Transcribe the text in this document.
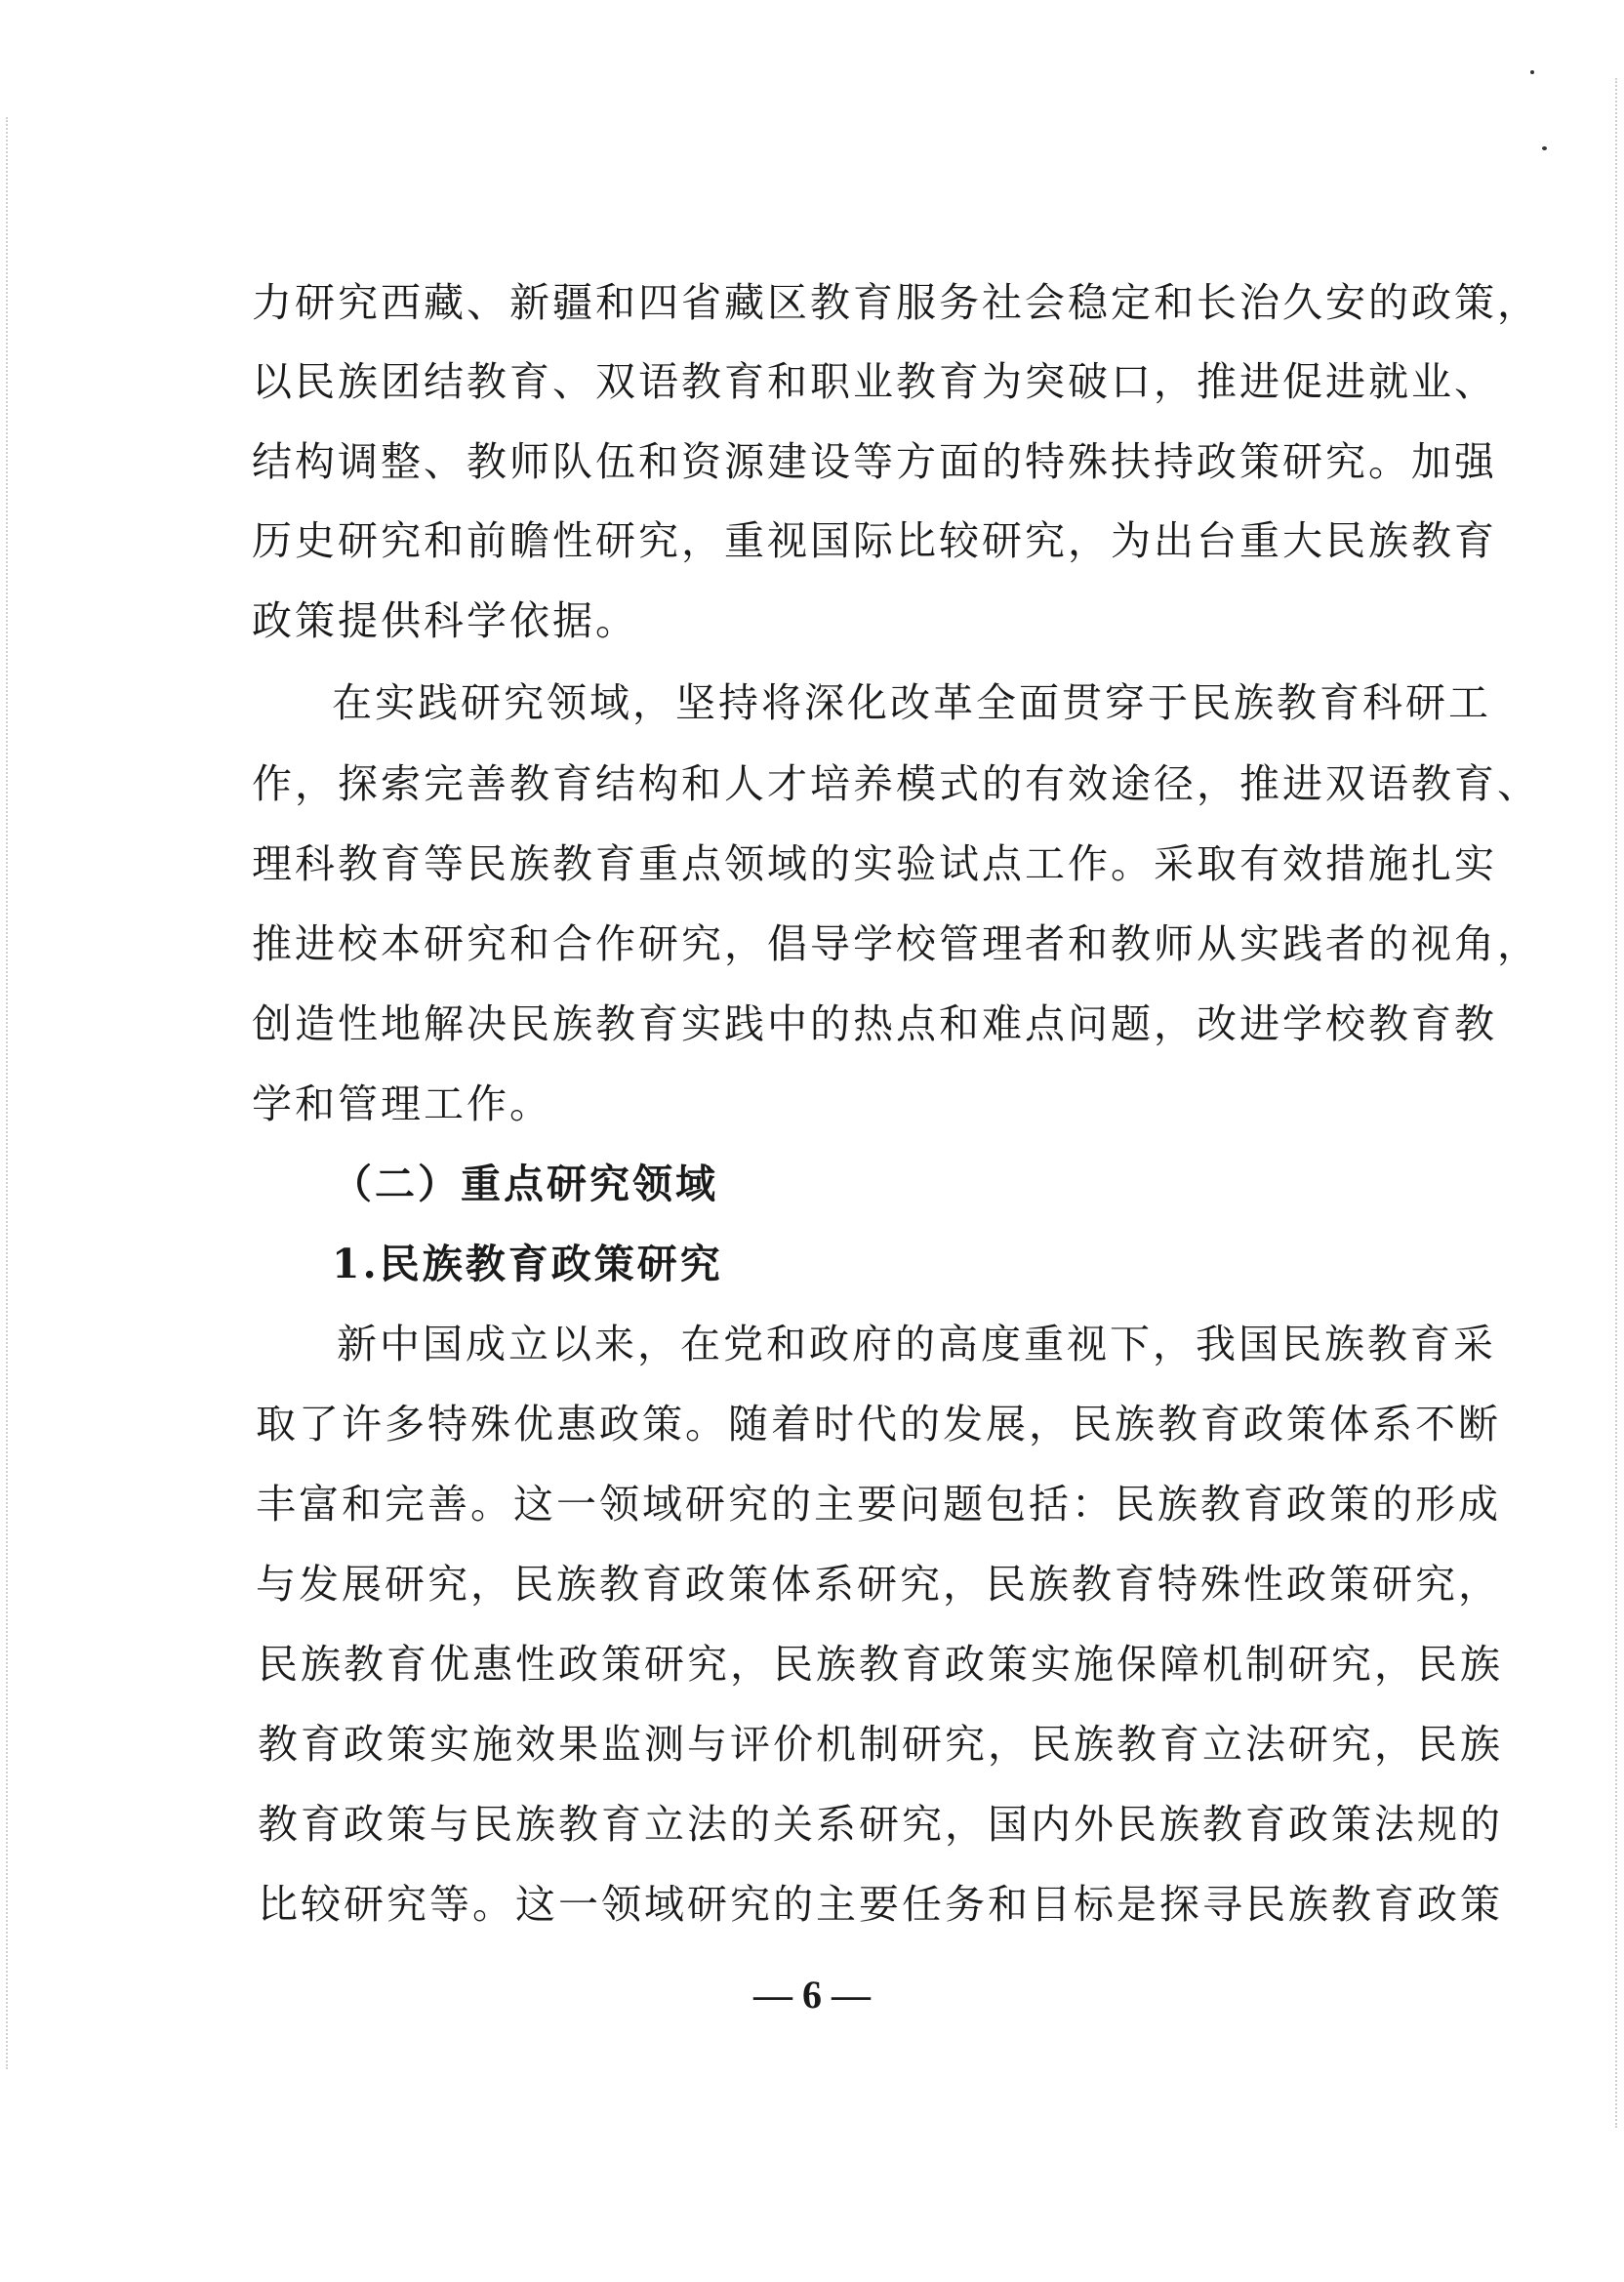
力研究西藏、新疆和四省藏区教育服务社会稳定和长治久安的政策，
以民族团结教育、双语教育和职业教育为突破口，推进促进就业、
结构调整、教师队伍和资源建设等方面的特殊扶持政策研究。加强
历史研究和前瞻性研究，重视国际比较研究，为出台重大民族教育
政策提供科学依据。
在实践研究领域，坚持将深化改革全面贯穿于民族教育科研工
作，探索完善教育结构和人才培养模式的有效途径，推进双语教育、
理科教育等民族教育重点领域的实验试点工作。采取有效措施扎实
推进校本研究和合作研究，倡导学校管理者和教师从实践者的视角，
创造性地解决民族教育实践中的热点和难点问题，改进学校教育教
学和管理工作。
（二）重点研究领域
1.民族教育政策研究
新中国成立以来，在党和政府的高度重视下，我国民族教育采
取了许多特殊优惠政策。随着时代的发展，民族教育政策体系不断
丰富和完善。这一领域研究的主要问题包括：民族教育政策的形成
与发展研究，民族教育政策体系研究，民族教育特殊性政策研究，
民族教育优惠性政策研究，民族教育政策实施保障机制研究，民族
教育政策实施效果监测与评价机制研究，民族教育立法研究，民族
教育政策与民族教育立法的关系研究，国内外民族教育政策法规的
比较研究等。这一领域研究的主要任务和目标是探寻民族教育政策
— 6 —
